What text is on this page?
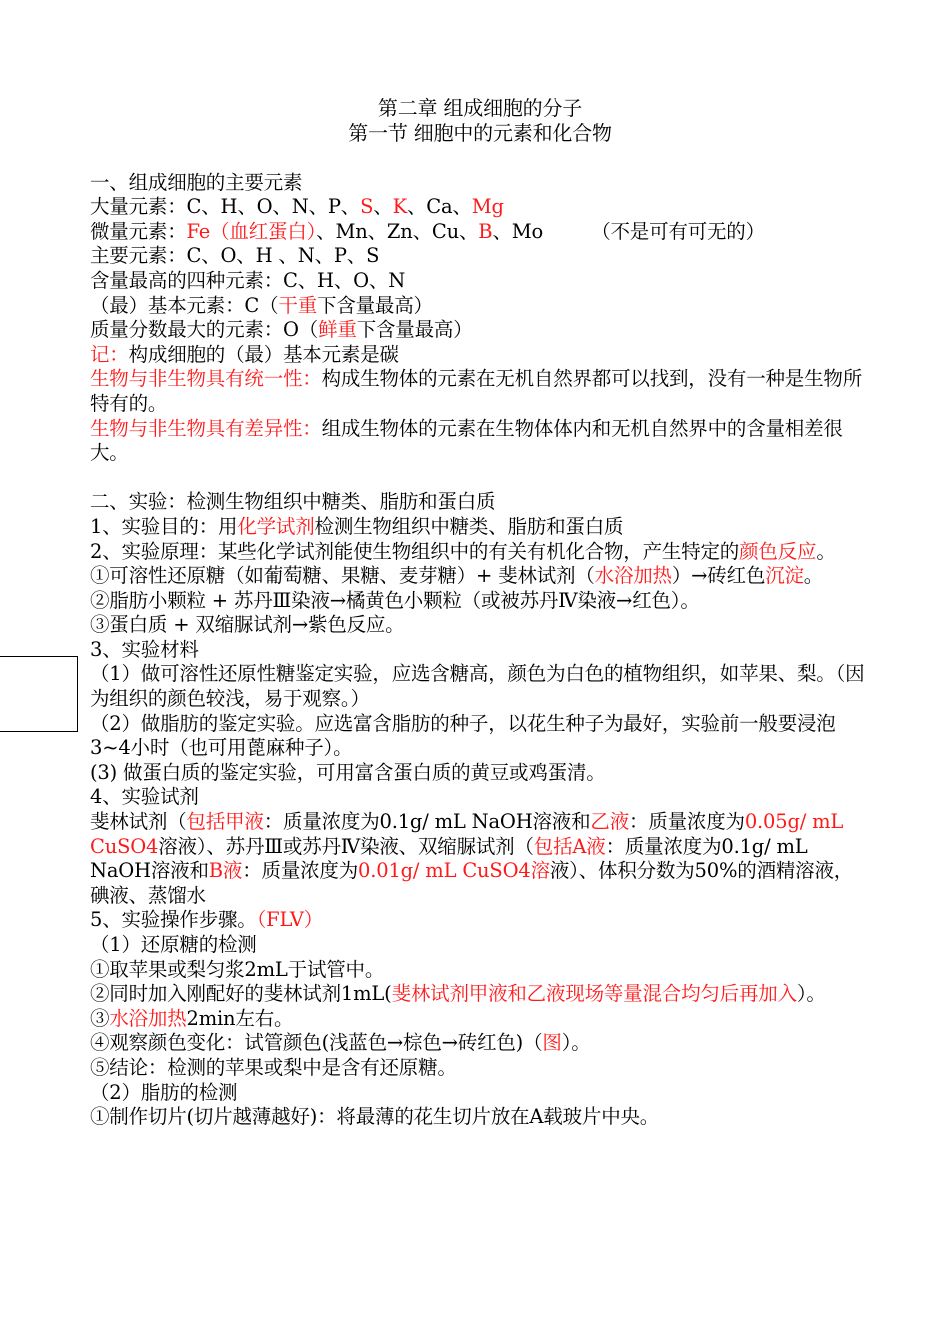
第二章 组成细胞的分子
第一节 细胞中的元素和化合物
一、组成细胞的主要元素
大量元素：C、H、O、N、P、S、K、Ca、Mg
微量元素：Fe（血红蛋白）、Mn、Zn、Cu、B、Mo　　　（不是可有可无的）
主要元素：C、O、H 、N、P、S
含量最高的四种元素：C、H、O、N
（最）基本元素：C（干重下含量最高）
质量分数最大的元素：O（鲜重下含量最高）
记：构成细胞的（最）基本元素是碳
生物与非生物具有统一性：构成生物体的元素在无机自然界都可以找到，没有一种是生物所特有的。
生物与非生物具有差异性：组成生物体的元素在生物体体内和无机自然界中的含量相差很大。
二、实验：检测生物组织中糖类、脂肪和蛋白质
1、实验目的：用化学试剂检测生物组织中糖类、脂肪和蛋白质
2、实验原理：某些化学试剂能使生物组织中的有关有机化合物，产生特定的颜色反应。
①可溶性还原糖（如葡萄糖、果糖、麦芽糖）+ 斐林试剂（水浴加热）→砖红色沉淀。
②脂肪小颗粒 + 苏丹Ⅲ染液→橘黄色小颗粒（或被苏丹Ⅳ染液→红色）。
③蛋白质 + 双缩脲试剂→紫色反应。
3、实验材料
（1）做可溶性还原性糖鉴定实验，应选含糖高，颜色为白色的植物组织，如苹果、梨。（因为组织的颜色较浅，易于观察。）
（2）做脂肪的鉴定实验。应选富含脂肪的种子，以花生种子为最好，实验前一般要浸泡3~4小时（也可用蓖麻种子）。
(3) 做蛋白质的鉴定实验，可用富含蛋白质的黄豆或鸡蛋清。
4、实验试剂
斐林试剂（包括甲液：质量浓度为0.1g/ mL NaOH溶液和乙液：质量浓度为0.05g/ mL CuSO4溶液）、苏丹Ⅲ或苏丹Ⅳ染液、双缩脲试剂（包括A液：质量浓度为0.1g/ mL NaOH溶液和B液：质量浓度为0.01g/ mL CuSO4溶液）、体积分数为50%的酒精溶液，碘液、蒸馏水
5、实验操作步骤。（FLV）
（1）还原糖的检测
①取苹果或梨匀浆2mL于试管中。
②同时加入刚配好的斐林试剂1mL(斐林试剂甲液和乙液现场等量混合均匀后再加入）。
③水浴加热2min左右。
④观察颜色变化：试管颜色(浅蓝色→棕色→砖红色)（图）。
⑤结论：检测的苹果或梨中是含有还原糖。
（2）脂肪的检测
①制作切片(切片越薄越好)：将最薄的花生切片放在A载玻片中央。
